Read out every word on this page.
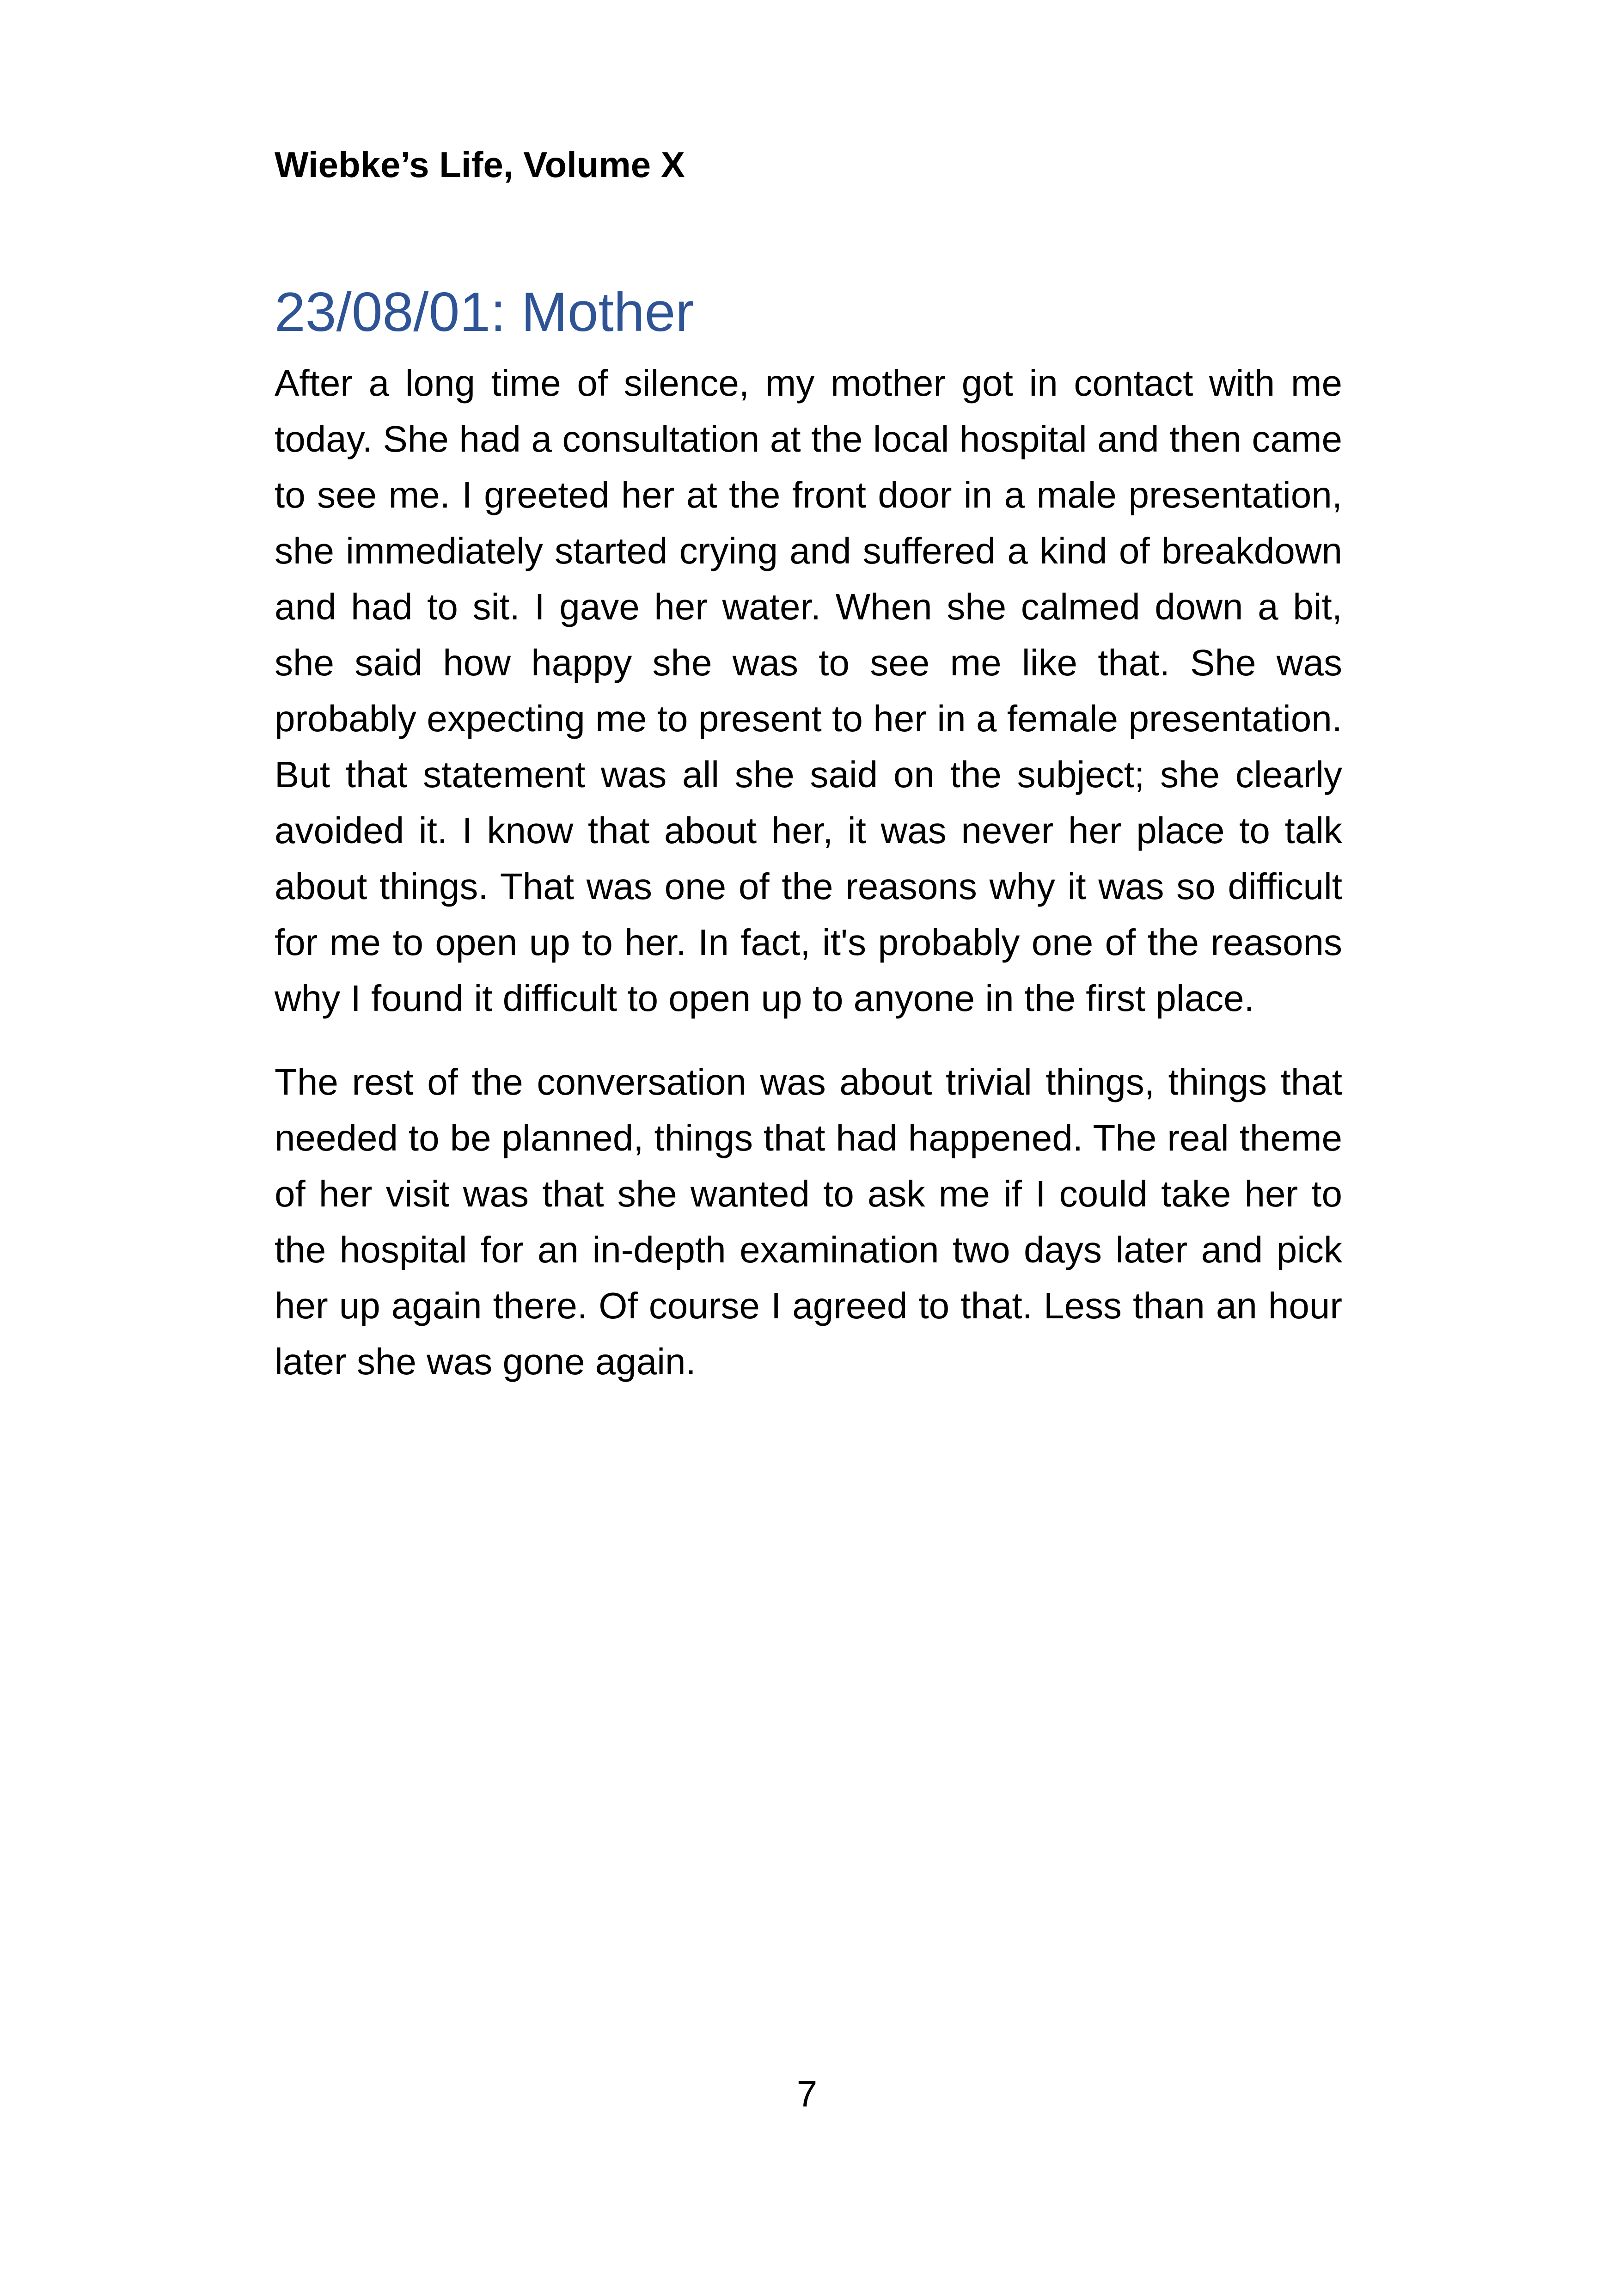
Wiebke’s Life, Volume X
23/08/01: Mother

After a long time of silence, my mother got in contact with me today. She had a consultation at the local hospital and then came to see me. I greeted her at the front door in a male presentation, she immediately started crying and suffered a kind of breakdown and had to sit. I gave her water. When she calmed down a bit, she said how happy she was to see me like that. She was probably expecting me to present to her in a female presentation. But that statement was all she said on the subject; she clearly avoided it. I know that about her, it was never her place to talk about things. That was one of the reasons why it was so difficult for me to open up to her. In fact, it's probably one of the reasons why I found it difficult to open up to anyone in the first place.

The rest of the conversation was about trivial things, things that needed to be planned, things that had happened. The real theme of her visit was that she wanted to ask me if I could take her to the hospital for an in-depth examination two days later and pick her up again there. Of course I agreed to that. Less than an hour later she was gone again.

7
